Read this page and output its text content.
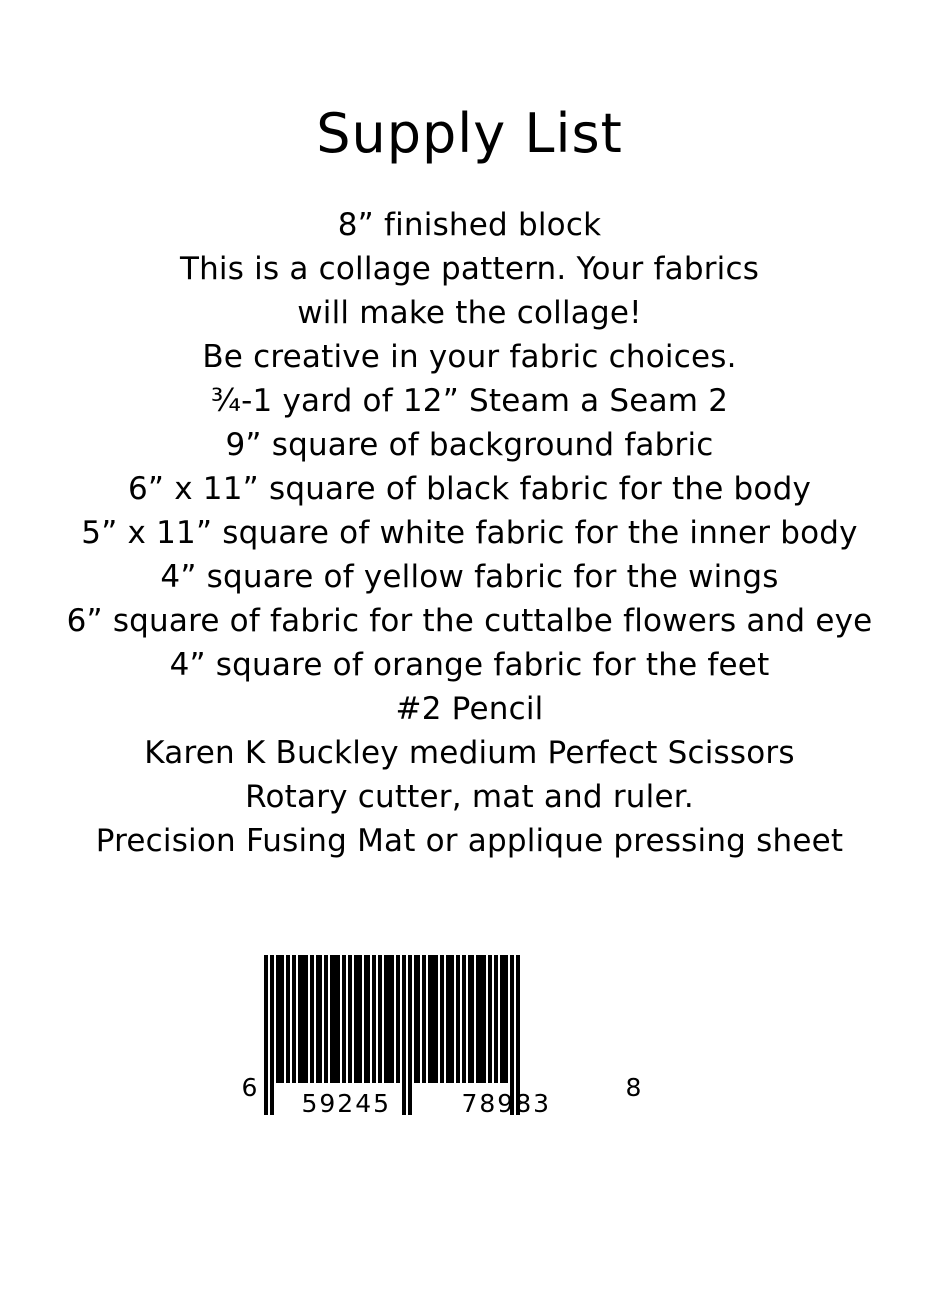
Supply List
8” finished block
This is a collage pattern. Your fabrics
will make the collage!
Be creative in your fabric choices.
¾-1 yard of 12” Steam a Seam 2
9” square of background fabric
6” x 11” square of black fabric for the body
5” x 11” square of white fabric for the inner body
4” square of yellow fabric for the wings
6” square of fabric for the cuttalbe flowers and eye
4” square of orange fabric for the feet
#2 Pencil
Karen K Buckley medium Perfect Scissors
Rotary cutter, mat and ruler.
Precision Fusing Mat or applique pressing sheet
6
59245	78983
8
